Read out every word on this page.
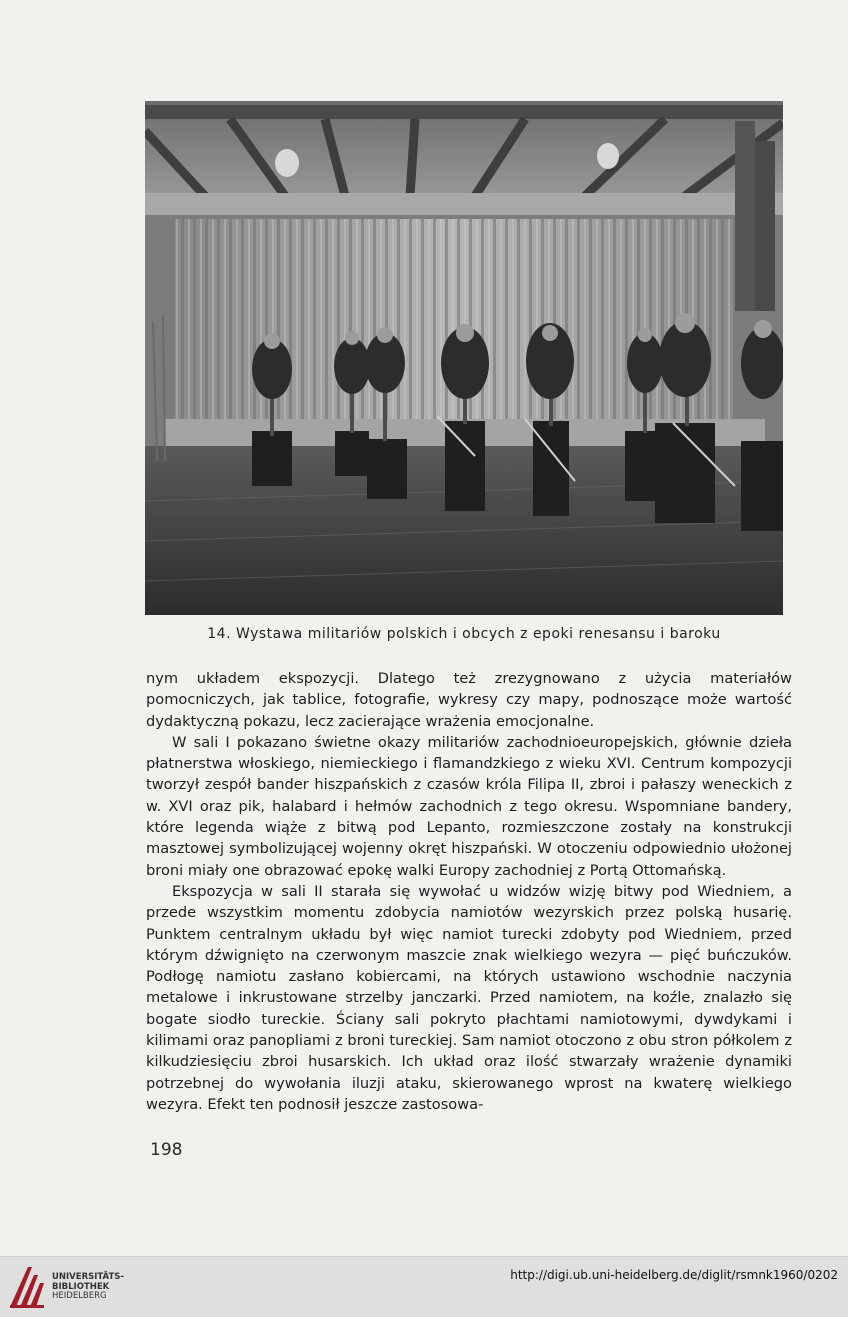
14. Wystawa militariów polskich i obcych z epoki renesansu i baroku

nym układem ekspozycji. Dlatego też zrezygnowano z użycia materiałów pomocniczych, jak tablice, fotografie, wykresy czy mapy, podnoszące może wartość dydaktyczną pokazu, lecz zacierające wrażenia emocjonalne.

W sali I pokazano świetne okazy militariów zachodnioeuropejskich, głównie dzieła płatnerstwa włoskiego, niemieckiego i flamandzkiego z wieku XVI. Centrum kompozycji tworzył zespół bander hiszpańskich z czasów króla Filipa II, zbroi i pałaszy weneckich z w. XVI oraz pik, halabard i hełmów zachodnich z tego okresu. Wspomniane bandery, które legenda wiąże z bitwą pod Lepanto, rozmieszczone zostały na konstrukcji masztowej symbolizującej wojenny okręt hiszpański. W otoczeniu odpowiednio ułożonej broni miały one obrazować epokę walki Europy zachodniej z Portą Ottomańską.

Ekspozycja w sali II starała się wywołać u widzów wizję bitwy pod Wiedniem, a przede wszystkim momentu zdobycia namiotów wezyrskich przez polską husarię. Punktem centralnym układu był więc namiot turecki zdobyty pod Wiedniem, przed którym dźwignięto na czerwonym maszcie znak wielkiego wezyra — pięć buńczuków. Podłogę namiotu zasłano kobiercami, na których ustawiono wschodnie naczynia metalowe i inkrustowane strzelby janczarki. Przed namiotem, na koźle, znalazło się bogate siodło tureckie. Ściany sali pokryto płachtami namiotowymi, dywdykami i kilimami oraz panopliami z broni tureckiej. Sam namiot otoczono z obu stron półkolem z kilkudziesięciu zbroi husarskich. Ich układ oraz ilość stwarzały wrażenie dynamiki potrzebnej do wywołania iluzji ataku, skierowanego wprost na kwaterę wielkiego wezyra. Efekt ten podnosił jeszcze zastosowa-

198
UNIVERSITÄTS-
BIBLIOTHEK
HEIDELBERG
http://digi.ub.uni-heidelberg.de/diglit/rsmnk1960/0202
